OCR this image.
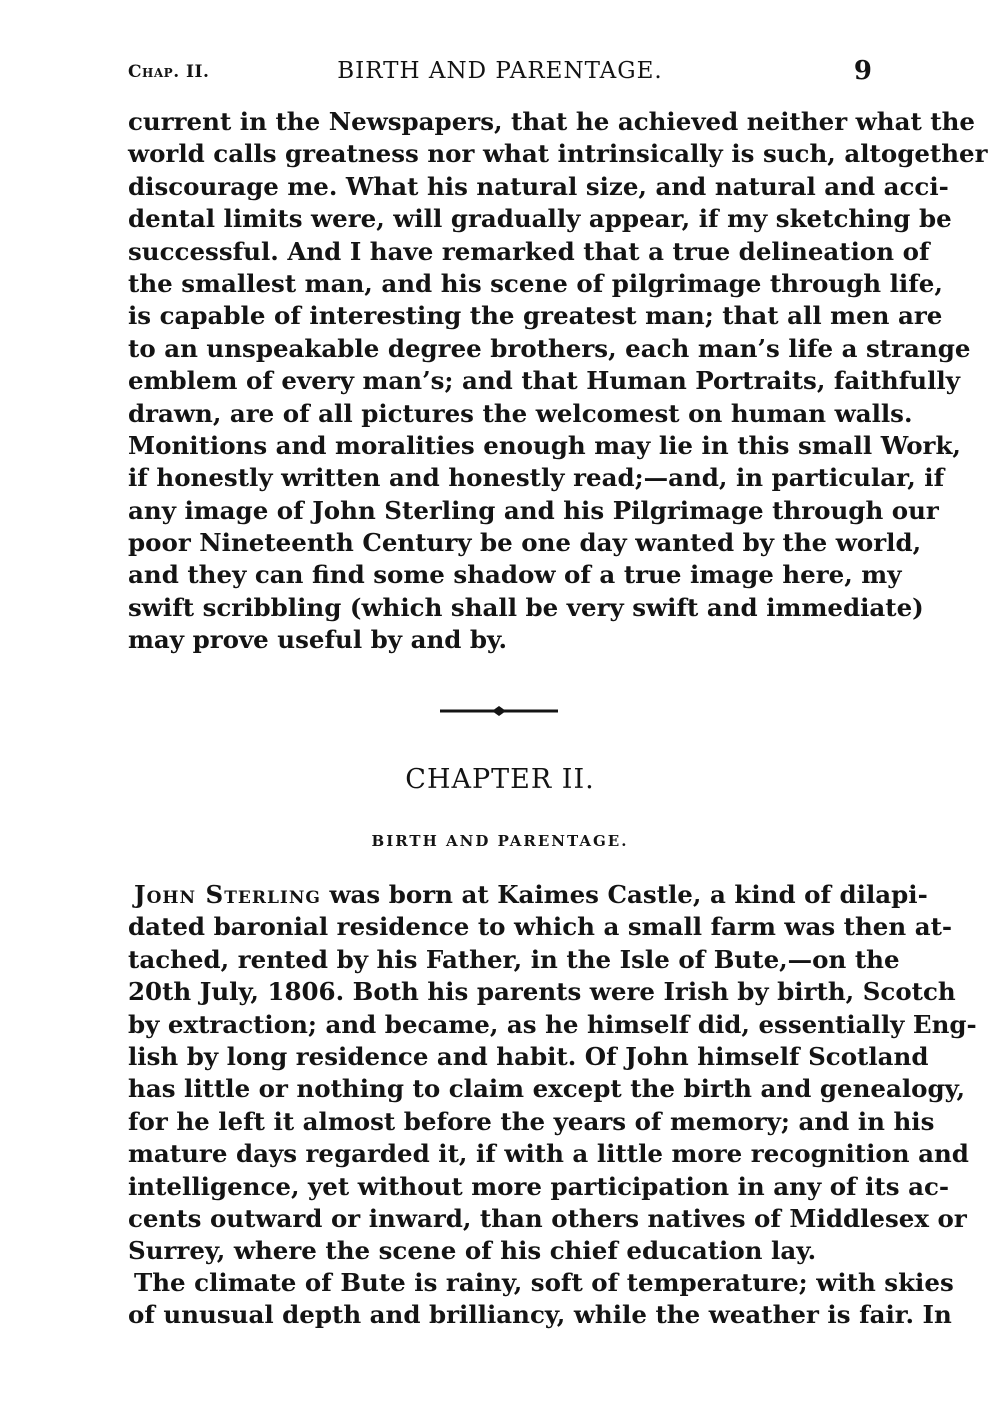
Chap. II.	BIRTH AND PARENTAGE.	9
current in the Newspapers, that he achieved neither what the
world calls greatness nor what intrinsically is such, altogether
discourage me. What his natural size, and natural and acci-
dental limits were, will gradually appear, if my sketching be
successful. And I have remarked that a true delineation of
the smallest man, and his scene of pilgrimage through life,
is capable of interesting the greatest man; that all men are
to an unspeakable degree brothers, each man’s life a strange
emblem of every man’s; and that Human Portraits, faithfully
drawn, are of all pictures the welcomest on human walls.
Monitions and moralities enough may lie in this small Work,
if honestly written and honestly read;—and, in particular, if
any image of John Sterling and his Pilgrimage through our
poor Nineteenth Century be one day wanted by the world,
and they can find some shadow of a true image here, my
swift scribbling (which shall be very swift and immediate)
may prove useful by and by.
CHAPTER II.
BIRTH AND PARENTAGE.
John Sterling was born at Kaimes Castle, a kind of dilapi-
dated baronial residence to which a small farm was then at-
tached, rented by his Father, in the Isle of Bute,—on the
20th July, 1806. Both his parents were Irish by birth, Scotch
by extraction; and became, as he himself did, essentially Eng-
lish by long residence and habit. Of John himself Scotland
has little or nothing to claim except the birth and genealogy,
for he left it almost before the years of memory; and in his
mature days regarded it, if with a little more recognition and
intelligence, yet without more participation in any of its ac-
cents outward or inward, than others natives of Middlesex or
Surrey, where the scene of his chief education lay.
The climate of Bute is rainy, soft of temperature; with skies
of unusual depth and brilliancy, while the weather is fair. In
